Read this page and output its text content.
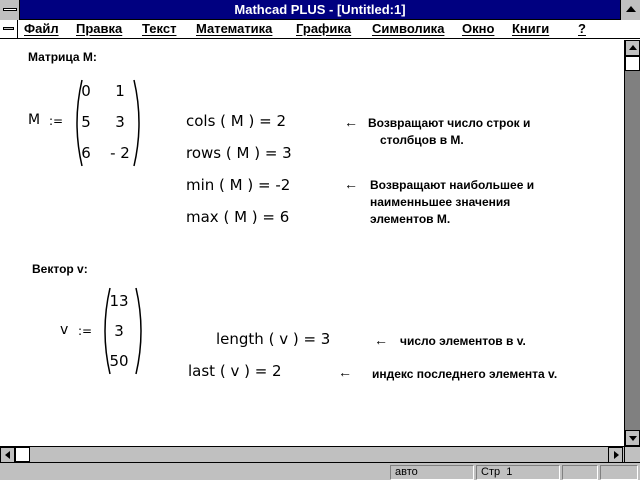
Mathcad PLUS - [Untitled:1]
Файл Правка Текст Математика Графика Символика Окно Книги ?
Матрица M:
M :=
0	1
5	3
6	- 2
cols ( M ) = 2
rows ( M ) = 3
min ( M ) = -2
max ( M ) = 6
← Возвращают число строк и
столбцов в M.
← Возвращают наибольшее и
наименньшее значения
элементов M.
Вектор v:
v :=
13
3
50
length ( v ) = 3	← число элементов в v.
last ( v ) = 2	← индекс последнего элемента v.
авто	Стр 1
